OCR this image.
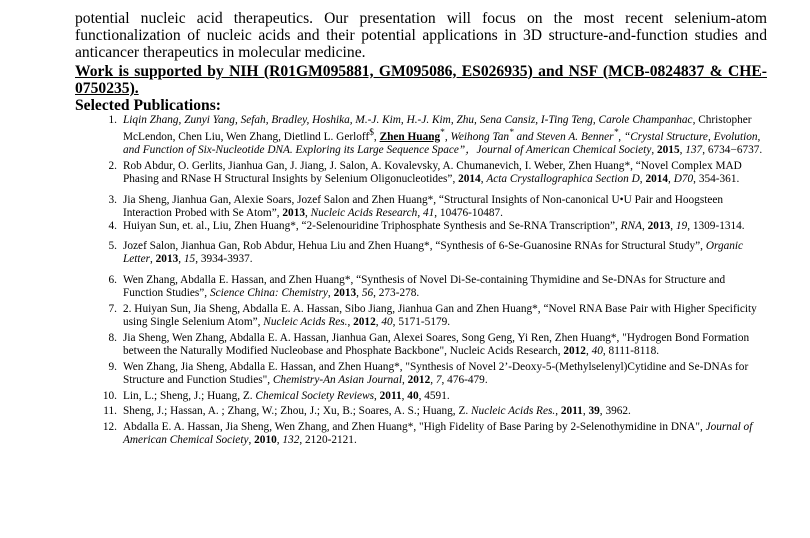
potential nucleic acid therapeutics. Our presentation will focus on the most recent selenium-atom functionalization of nucleic acids and their potential applications in 3D structure-and-function studies and anticancer therapeutics in molecular medicine.

Work is supported by NIH (R01GM095881, GM095086, ES026935) and NSF (MCB-0824837 & CHE-0750235).

Selected Publications:

1. Liqin Zhang, Zunyi Yang, Sefah, Bradley, Hoshika, M.-J. Kim, H.-J. Kim, Zhu, Sena Cansiz, I-Ting Teng, Carole Champanhac, Christopher McLendon, Chen Liu, Wen Zhang, Dietlind L. Gerloff$, Zhen Huang*, Weihong Tan* and Steven A. Benner*, “Crystal Structure, Evolution, and Function of Six-Nucleotide DNA. Exploring its Large Sequence Space”，Journal of American Chemical Society, 2015, 137, 6734−6737.
2. Rob Abdur, O. Gerlits, Jianhua Gan, J. Jiang, J. Salon, A. Kovalevsky, A. Chumanevich, I. Weber, Zhen Huang*, “Novel Complex MAD Phasing and RNase H Structural Insights by Selenium Oligonucleotides”, 2014, Acta Crystallographica Section D, 2014, D70, 354-361.
3. Jia Sheng, Jianhua Gan, Alexie Soars, Jozef Salon and Zhen Huang*, “Structural Insights of Non-canonical U•U Pair and Hoogsteen Interaction Probed with Se Atom”, 2013, Nucleic Acids Research, 41, 10476-10487.
4. Huiyan Sun, et. al., Liu, Zhen Huang*, “2-Selenouridine Triphosphate Synthesis and Se-RNA Transcription”, RNA, 2013, 19, 1309-1314.
5. Jozef Salon, Jianhua Gan, Rob Abdur, Hehua Liu and Zhen Huang*, “Synthesis of 6-Se-Guanosine RNAs for Structural Study”, Organic Letter, 2013, 15, 3934-3937.
6. Wen Zhang, Abdalla E. Hassan, and Zhen Huang*, “Synthesis of Novel Di-Se-containing Thymidine and Se-DNAs for Structure and Function Studies”, Science China: Chemistry, 2013, 56, 273-278.
7. 2. Huiyan Sun, Jia Sheng, Abdalla E. A. Hassan, Sibo Jiang, Jianhua Gan and Zhen Huang*, “Novel RNA Base Pair with Higher Specificity using Single Selenium Atom”, Nucleic Acids Res., 2012, 40, 5171-5179.
8. Jia Sheng, Wen Zhang, Abdalla E. A. Hassan, Jianhua Gan, Alexei Soares, Song Geng, Yi Ren, Zhen Huang*, "Hydrogen Bond Formation between the Naturally Modified Nucleobase and Phosphate Backbone", Nucleic Acids Research, 2012, 40, 8111-8118.
9. Wen Zhang, Jia Sheng, Abdalla E. Hassan, and Zhen Huang*, "Synthesis of Novel 2’-Deoxy-5-(Methylselenyl)Cytidine and Se-DNAs for Structure and Function Studies", Chemistry-An Asian Journal, 2012, 7, 476-479.
10. Lin, L.; Sheng, J.; Huang, Z. Chemical Society Reviews, 2011, 40, 4591.
11. Sheng, J.; Hassan, A. ; Zhang, W.; Zhou, J.; Xu, B.; Soares, A. S.; Huang, Z. Nucleic Acids Res., 2011, 39, 3962.
12. Abdalla E. A. Hassan, Jia Sheng, Wen Zhang, and Zhen Huang*, "High Fidelity of Base Paring by 2-Selenothymidine in DNA", Journal of American Chemical Society, 2010, 132, 2120-2121.
